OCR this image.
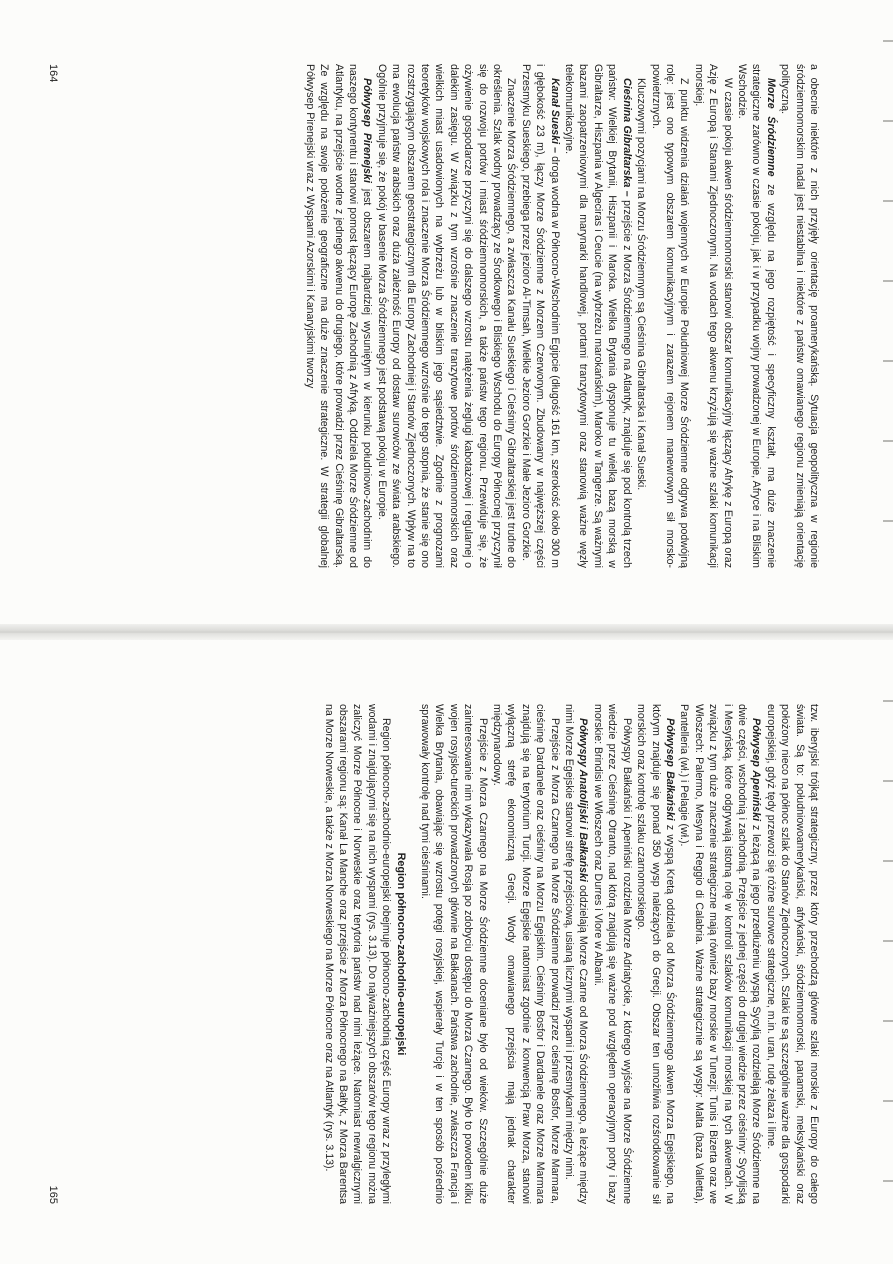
a obecnie niektóre z nich przyjęły orientację proamerykańską. Sytuacja geopolityczna w regionie śródziemnomorskim nadal jest niestabilna i niektóre z państw omawianego regionu zmieniają orientację polityczną.

Morze Śródziemne ze względu na jego rozpiętość i specyficzny kształt, ma duże znaczenie strategiczne zarówno w czasie pokoju, jak i w przypadku wojny prowadzonej w Europie, Afryce i na Bliskim Wschodzie.

W czasie pokoju akwen śródziemnomorski stanowi obszar komunikacyjny łączący Afrykę z Europą oraz Azję z Europą i Stanami Zjednoczonymi. Na wodach tego akwenu krzyżują się ważne szlaki komunikacji morskiej.

Z punktu widzenia działań wojennych w Europie Południowej Morze Śródziemne odgrywa podwójną rolę: jest ono typowym obszarem komunikacyjnym i zarazem rejonem manewrowym sił morsko-powietrznych.

Kluczowymi pozycjami na Morzu Śródziemnym są Cieśnina Gibraltarska i Kanał Sueski.

Cieśnina Gibraltarska – przejście z Morza Śródziemnego na Atlantyk, znajduje się pod kontrolą trzech państw: Wielkiej Brytanii, Hiszpanii i Maroka. Wielka Brytania dysponuje tu wielką bazą morską w Gibraltarze, Hiszpania w Algeciras i Ceucie (na wybrzeżu marokańskim), Maroko w Tangerze. Są ważnymi bazami zaopatrzeniowymi dla marynarki handlowej, portami tranzytowymi oraz stanowią ważne węzły telekomunikacyjne.

Kanał Sueski – droga wodna w Północno-Wschodnim Egipcie (długość 161 km, szerokość około 300 m i głębokość 23 m), łączy Morze Śródziemne z Morzem Czerwonym. Zbudowany w najwęższej części Przesmyku Sueskiego, przebiega przez jezioro Al-Timsah, Wielkie Jezioro Gorzkie i Małe Jezioro Gorzkie.

Znaczenie Morza Śródziemnego, a zwłaszcza Kanału Sueskiego i Cieśniny Gibraltarskiej jest trudne do określenia. Szlak wodny prowadzący ze Środkowego i Bliskiego Wschodu do Europy Północnej przyczynił się do rozwoju portów i miast śródziemnomorskich, a także państw tego regionu. Przewiduje się, że ożywienie gospodarcze przyczyni się do dalszego wzrostu natężenia żeglugi kabotażowej i regularnej o dalekim zasięgu. W związku z tym wzrośnie znaczenie tranzytowe portów śródziemnomorskich oraz wielkich miast usadowionych na wybrzeżu lub w bliskim jego sąsiedztwie. Zgodnie z prognozami teoretyków wojskowych rola i znaczenie Morza Śródziemnego wzrośnie do tego stopnia, że stanie się ono rozstrzygającym obszarem geostrategicznym dla Europy Zachodniej i Stanów Zjednoczonych. Wpływ na to ma ewolucja państw arabskich oraz duża zależność Europy od dostaw surowców ze świata arabskiego. Ogólnie przyjmuje się, że pokój w basenie Morza Śródziemnego jest podstawą pokoju w Europie.

Półwysep Pirenejski jest obszarem najbardziej wysuniętym w kierunku południowo-zachodnim do naszego kontynentu i stanowi pomost łączący Europę Zachodnią z Afryką. Oddziela Morze Śródziemne od Atlantyku, na przejście wodne z jednego akwenu do drugiego, które prowadzi przez Cieśninę Gibraltarską. Ze względu na swoje położenie geograficzne ma duże znaczenie strategiczne. W strategii globalnej Półwysep Pirenejski wraz z Wyspami Azorskimi i Kanaryjskimi tworzy

164

tzw. iberyjski trójkąt strategiczny, przez który przechodzą główne szlaki morskie z Europy do całego świata. Są to: południowoamerykański, afrykański, śródziemnomorski, panamski, meksykański oraz położony nieco na północ szlak do Stanów Zjednoczonych. Szlaki te są szczególnie ważne dla gospodarki europejskiej, gdyż tędy przewozi się różne surowce strategiczne, m.in. uran, rudę żelaza i lime.

Półwysep Apeniński z leżącą na jego przedłużeniu wyspą Sycylią rozdzielają Morze Śródziemne na dwie części, wschodnią i zachodnią. Przejście z jednej części do drugiej wiedzie przez cieśniny: Sycylijską i Mesyńską, które odgrywają istotną rolę w kontroli szlaków komunikacji morskiej na tych akwenach. W związku z tym duże znaczenie strategiczne mają również bazy morskie w Tunezji: Tunis i Bizerta oraz we Włoszech: Palermo, Mesyna i Reggio di Calabria. Ważne strategicznie są wyspy: Malta (baza Valletta), Pantelleria (wł.) i Pelagie (wł.).

Półwysep Bałkański z wyspą Kretą oddziela od Morza Śródziemnego akwen Morza Egejskiego, na którym znajduje się ponad 350 wysp należących do Grecji. Obszar ten umożliwia rozśrodkowanie sił morskich oraz kontrolę szlaku czarnomorskiego.

Półwyspy Bałkański i Apeniński rozdziela Morze Adriatyckie, z którego wyjście na Morze Śródziemne wiedzie przez Cieśninę Otranto, nad którą znajdują się ważne pod względem operacyjnym porty i bazy morskie: Brindisi we Włoszech oraz Durres i Vlore w Albanii.

Półwyspy Anatolijski i Bałkański oddzielają Morze Czarne od Morza Śródziemnego, a leżące między nimi Morze Egejskie stanowi strefę przejściową, usianą licznymi wyspami i przesmykami między nimi.

Przejście z Morza Czarnego na Morze Śródziemne prowadzi przez cieśninę Bosfor, Morze Marmara, cieśninę Dardanele oraz cieśniny na Morzu Egejskim. Cieśniny Bosfor i Dardanele oraz Morze Marmara znajdują się na terytorium Turcji. Morze Egejskie natomiast zgodnie z konwencją Praw Morza, stanowi wyłączną strefę ekonomiczną Grecji. Wody omawianego przejścia mają jednak charakter międzynarodowy.

Przejście z Morza Czarnego na Morze Śródziemne doceniane było od wieków. Szczególnie duże zainteresowanie nim wykazywała Rosja po zdobyciu dostępu do Morza Czarnego. Było to powodem kilku wojen rosyjsko-tureckich prowadzonych głównie na Bałkanach. Państwa zachodnie, zwłaszcza Francja i Wielka Brytania, obawiając się wzrostu potęgi rosyjskiej, wspierały Turcję i w ten sposób pośrednio sprawowały kontrolę nad tymi cieśninami.

Region północno-zachodnio-europejski

Region północno-zachodnio-europejski obejmuje północno-zachodnią część Europy wraz z przyległymi wodami i znajdującymi się na nich wyspami (rys. 3.13). Do najważniejszych obszarów tego regionu można zaliczyć Morze Północne i Norweskie oraz terytoria państw nad nimi leżące. Natomiast newralgicznymi obszarami regionu są: Kanał La Manche oraz przejście z Morza Północnego na Bałtyk, z Morza Barentsa na Morze Norweskie, a także z Morza Norweskiego na Morze Północne oraz na Atlantyk (rys. 3.13).

165
